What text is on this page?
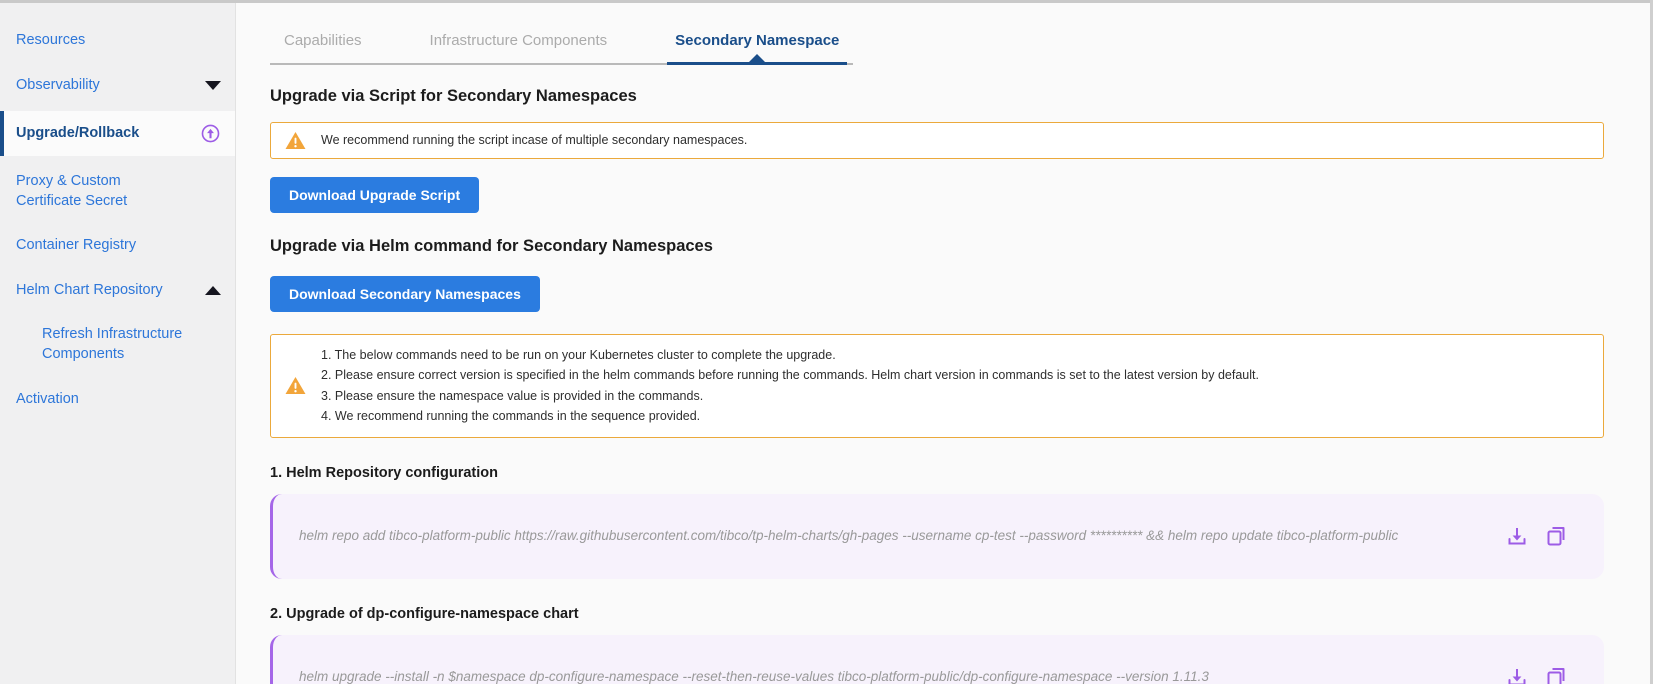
Resources
Observability
Upgrade/Rollback
Proxy & Custom Certificate Secret
Container Registry
Helm Chart Repository
Refresh Infrastructure Components
Activation
Capabilities	Infrastructure Components	Secondary Namespace
Upgrade via Script for Secondary Namespaces
We recommend running the script incase of multiple secondary namespaces.
Download Upgrade Script
Upgrade via Helm command for Secondary Namespaces
Download Secondary Namespaces
1. The below commands need to be run on your Kubernetes cluster to complete the upgrade.
2. Please ensure correct version is specified in the helm commands before running the commands. Helm chart version in commands is set to the latest version by default.
3. Please ensure the namespace value is provided in the commands.
4. We recommend running the commands in the sequence provided.
1. Helm Repository configuration
helm repo add tibco-platform-public https://raw.githubusercontent.com/tibco/tp-helm-charts/gh-pages --username cp-test --password ********** && helm repo update tibco-platform-public
2. Upgrade of dp-configure-namespace chart
helm upgrade --install -n $namespace dp-configure-namespace --reset-then-reuse-values tibco-platform-public/dp-configure-namespace --version 1.11.3
